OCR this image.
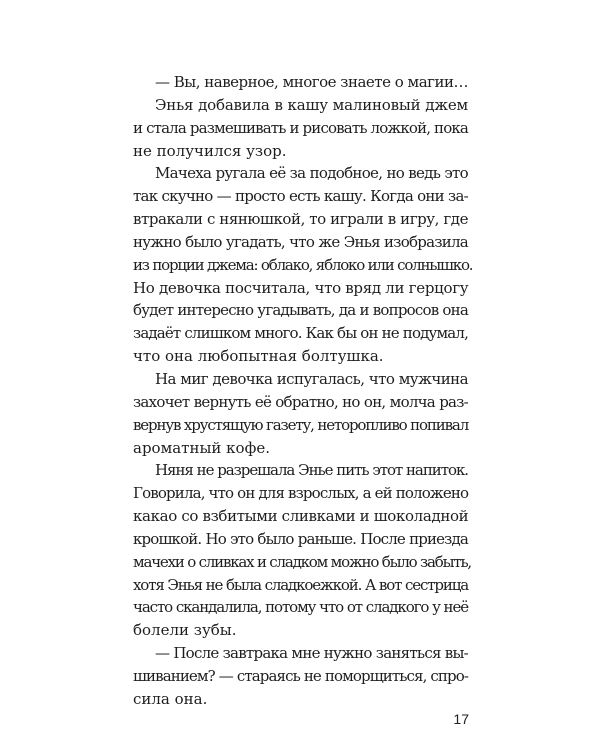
— Вы, наверное, многое знаете о магии…
Энья добавила в кашу малиновый джем
и стала размешивать и рисовать ложкой, пока
не получился узор.
Мачеха ругала её за подобное, но ведь это
так скучно — просто есть кашу. Когда они за-
втракали с нянюшкой, то играли в игру, где
нужно было угадать, что же Энья изобразила
из порции джема: облако, яблоко или солнышко.
Но девочка посчитала, что вряд ли герцогу
будет интересно угадывать, да и вопросов она
задаёт слишком много. Как бы он не подумал,
что она любопытная болтушка.
На миг девочка испугалась, что мужчина
захочет вернуть её обратно, но он, молча раз-
вернув хрустящую газету, неторопливо попивал
ароматный кофе.
Няня не разрешала Энье пить этот напиток.
Говорила, что он для взрослых, а ей положено
какао со взбитыми сливками и шоколадной
крошкой. Но это было раньше. После приезда
мачехи о сливках и сладком можно было забыть,
хотя Энья не была сладкоежкой. А вот сестрица
часто скандалила, потому что от сладкого у неё
болели зубы.
— После завтрака мне нужно заняться вы-
шиванием? — стараясь не поморщиться, спро-
сила она.
17
